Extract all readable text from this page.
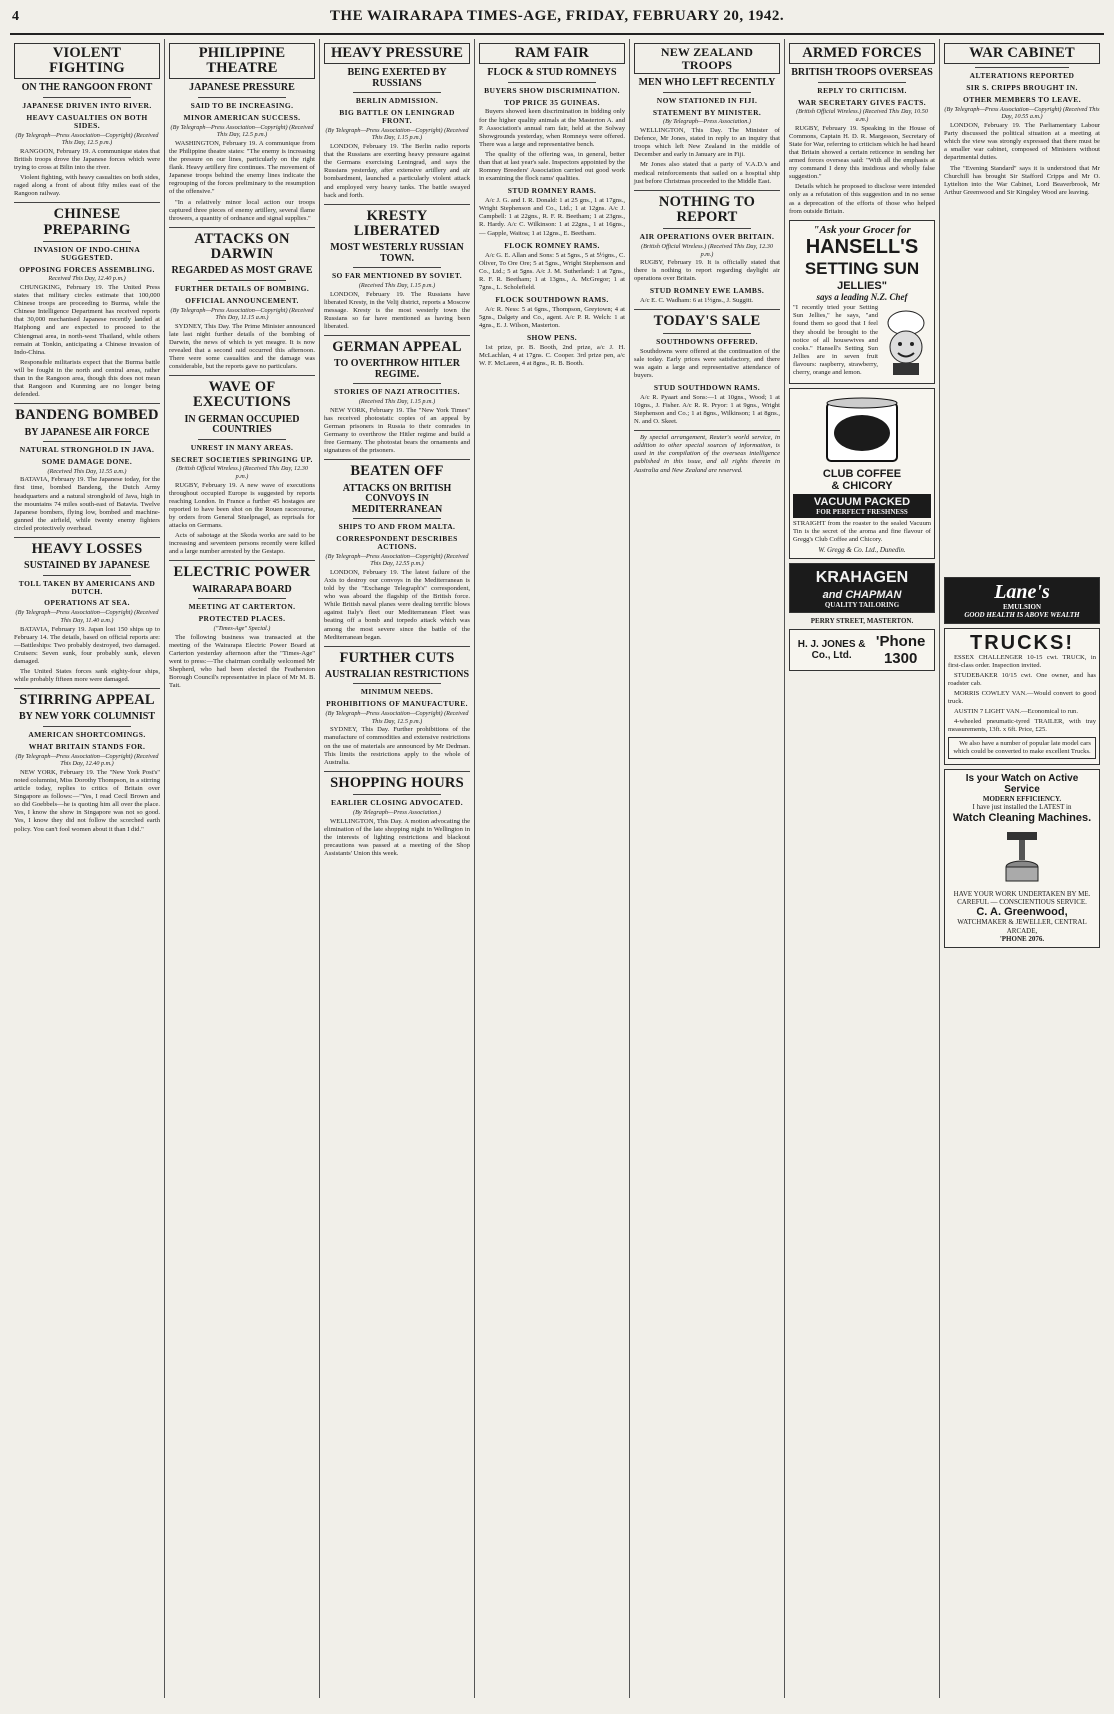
4	THE WAIRARAPA TIMES-AGE, FRIDAY, FEBRUARY 20, 1942.
VIOLENT FIGHTING
ON THE RANGOON FRONT
JAPANESE DRIVEN INTO RIVER.
HEAVY CASUALTIES ON BOTH SIDES.

(By Telegraph—Press Association—Copyright) (Received This Day, 12.5 p.m.)

RANGOON, February 19. A communique states that British troops drove the Japanese forces which were trying to cross at Bilin into the river.

Violent fighting, with heavy casualties on both sides, raged along a front of about fifty miles east of the Rangoon railway.

CHINESE PREPARING
INVASION OF INDO-CHINA SUGGESTED.
OPPOSING FORCES ASSEMBLING.

Received This Day, 12.40 p.m.)

CHUNGKING, February 19. The United Press states that military circles estimate that 100,000 Chinese troops are proceeding to Burma, while the Chinese Intelligence Department has received reports that 30,000 mechanised Japanese recently landed at Haiphong and are expected to proceed to the Chiengmai area, in north-west Thailand, while others remain at Tonkin, anticipating a Chinese invasion of Indo-China.

Responsible militarists expect that the Burma battle will be fought in the north and central areas, rather than in the Rangoon area, though this does not mean that Rangoon and Kunming are no longer being defended.

BANDENG BOMBED
BY JAPANESE AIR FORCE
NATURAL STRONGHOLD IN JAVA.
SOME DAMAGE DONE.

(Received This Day, 11.55 a.m.)

BATAVIA, February 19. The Japanese today, for the first time, bombed Bandeng, the Dutch Army headquarters and a natural stronghold of Java, high in the mountains 74 miles south-east of Batavia. Twelve Japanese bombers, flying low, bombed and machine-gunned the airfield, while twenty enemy fighters circled protectively overhead.

HEAVY LOSSES
SUSTAINED BY JAPANESE
TOLL TAKEN BY AMERICANS AND DUTCH.
OPERATIONS AT SEA.

(By Telegraph—Press Association—Copyright) (Received This Day, 11.40 a.m.)

BATAVIA, February 19. Japan lost 150 ships up to February 14. The details, based on official reports are:—Battleships: Two probably destroyed, two damaged. Cruisers: Seven sunk, four probably sunk, eleven damaged.

The United States forces sank eighty-four ships, while probably fifteen more were damaged.

STIRRING APPEAL
BY NEW YORK COLUMNIST
AMERICAN SHORTCOMINGS.
WHAT BRITAIN STANDS FOR.

(By Telegraph—Press Association—Copyright) (Received This Day, 12.40 p.m.)

NEW YORK, February 19. The "New York Post's" noted columnist, Miss Dorothy Thompson, in a stirring article today, replies to critics of Britain over Singapore as follows:—"Yes, I read Cecil Brown and so did Goebbels—he is quoting him all over the place. Yes, I know the show in Singapore was not so good. Yes, I know they did not follow the scorched earth policy. You can't fool women about it than I did."

PHILIPPINE THEATRE
JAPANESE PRESSURE
SAID TO BE INCREASING.
MINOR AMERICAN SUCCESS.

(By Telegraph—Press Association—Copyright) (Received This Day, 12.5 p.m.)

WASHINGTON, February 19. A communique from the Philippine theatre states: "The enemy is increasing the pressure on our lines, particularly on the right flank. Heavy artillery fire continues. The movement of Japanese troops behind the enemy lines indicate the regrouping of the forces preliminary to the resumption of the offensive."

"In a relatively minor local action our troops captured three pieces of enemy artillery, several flame throwers, a quantity of ordnance and signal supplies."

ATTACKS ON DARWIN
REGARDED AS MOST GRAVE
FURTHER DETAILS OF BOMBING.
OFFICIAL ANNOUNCEMENT.

(By Telegraph—Press Association—Copyright) (Received This Day, 11.15 a.m.)

SYDNEY, This Day. The Prime Minister announced late last night further details of the bombing of Darwin, the news of which is yet meagre. It is now revealed that a second raid occurred this afternoon. There were some casualties and the damage was considerable, but the reports gave no particulars.

WAVE OF EXECUTIONS
IN GERMAN OCCUPIED COUNTRIES
UNREST IN MANY AREAS.
SECRET SOCIETIES SPRINGING UP.

(British Official Wireless.) (Received This Day, 12.30 p.m.)

RUGBY, February 19. A new wave of executions throughout occupied Europe is suggested by reports reaching London. In France a further 45 hostages are reported to have been shot on the Rouen racecourse, by orders from General Stuelpnagel, as reprisals for attacks on Germans.

Acts of sabotage at the Skoda works are said to be increasing and seventeen persons recently were killed and a large number arrested by the Gestapo.

ELECTRIC POWER
WAIRARAPA BOARD
MEETING AT CARTERTON.
PROTECTED PLACES.

("Times-Age" Special.)

The following business was transacted at the meeting of the Wairarapa Electric Power Board at Carterton yesterday afternoon after the "Times-Age" went to press:—The chairman cordially welcomed Mr Shepherd, who had been elected the Featherston Borough Council's representative in place of Mr M. B. Tait.

HEAVY PRESSURE
BEING EXERTED BY RUSSIANS
BERLIN ADMISSION.
BIG BATTLE ON LENINGRAD FRONT.

(By Telegraph—Press Association—Copyright) (Received This Day, 1.15 p.m.)

LONDON, February 19. The Berlin radio reports that the Russians are exerting heavy pressure against the Germans exercising Leningrad, and says the Russians yesterday, after extensive artillery and air bombardment, launched a particularly violent attack and employed very heavy tanks. The battle swayed back and forth.

KRESTY LIBERATED
MOST WESTERLY RUSSIAN TOWN.
SO FAR MENTIONED BY SOVIET.

(Received This Day, 1.15 p.m.)

LONDON, February 19. The Russians have liberated Kresty, in the Velij district, reports a Moscow message. Kresty is the most westerly town the Russians so far have mentioned as having been liberated.

GERMAN APPEAL
TO OVERTHROW HITLER REGIME.
STORIES OF NAZI ATROCITIES.

(Received This Day, 1.15 p.m.)

NEW YORK, February 19. The "New York Times" has received photostatic copies of an appeal by German prisoners in Russia to their comrades in Germany to overthrow the Hitler regime and build a free Germany. The photostat bears the ornaments and signatures of the prisoners.

BEATEN OFF
ATTACKS ON BRITISH CONVOYS IN MEDITERRANEAN
SHIPS TO AND FROM MALTA.
CORRESPONDENT DESCRIBES ACTIONS.

(By Telegraph—Press Association—Copyright) (Received This Day, 12.55 p.m.)

LONDON, February 19. The latest failure of the Axis to destroy our convoys in the Mediterranean is told by the "Exchange Telegraph's" correspondent, who was aboard the flagship of the British force. While British naval planes were dealing terrific blows against Italy's fleet our Mediterranean Fleet was beating off a bomb and torpedo attack which was among the most severe since the battle of the Mediterranean began.

FURTHER CUTS
AUSTRALIAN RESTRICTIONS
MINIMUM NEEDS.
PROHIBITIONS OF MANUFACTURE.

(By Telegraph—Press Association—Copyright) (Received This Day, 12.5 p.m.)

SYDNEY, This Day. Further prohibitions of the manufacture of commodities and extensive restrictions on the use of materials are announced by Mr Dedman. This limits the restrictions apply to the whole of Australia.

SHOPPING HOURS
EARLIER CLOSING ADVOCATED.

(By Telegraph—Press Association.)

WELLINGTON, This Day. A motion advocating the elimination of the late shopping night in Wellington in the interests of lighting restrictions and blackout precautions was passed at a meeting of the Shop Assistants' Union this week.

RAM FAIR
FLOCK & STUD ROMNEYS
BUYERS SHOW DISCRIMINATION.
TOP PRICE 35 GUINEAS.

Buyers showed keen discrimination in bidding only for the higher quality animals at the Masterton A. and P. Association's annual ram fair, held at the Solway Showgrounds yesterday, when Romneys were offered. There was a large and representative bench.

The quality of the offering was, in general, better than that at last year's sale. Inspectors appointed by the Romney Breeders' Association carried out good work in examining the flock rams' qualities.

STUD ROMNEY RAMS.

A/c J. G. and I. R. Donald: 1 at 25 gns., 1 at 17gns., Wright Stephenson and Co., Ltd.; 1 at 12gns. A/c J. Campbell: 1 at 22gns., R. F. R. Beetham; 1 at 23gns., R. Hardy. A/c C. Wilkinson: 1 at 22gns., 1 at 16gns., — Gapple, Waitoa; 1 at 12gns., E. Beetham.

FLOCK ROMNEY RAMS.

A/c G. E. Allan and Sons: 5 at 5gns., 5 at 5½gns., C. Oliver, To Ore Ore; 5 at 5gns., Wright Stephenson and Co., Ltd.; 5 at 5gns. A/c J. M. Sutherland: 1 at 7gns., R. F. R. Beetham; 1 at 13gns., A. McGregor; 1 at 7gns., L. Scholefield.

FLOCK SOUTHDOWN RAMS.

A/c R. Ness: 5 at 6gns., Thompson, Greytown; 4 at 5gns., Dalgety and Co., agent. A/c P. R. Welch: 1 at 4gns., E. J. Wilson, Masterton.

SHOW PENS.

1st prize, pr. B. Booth, 2nd prize, a/c J. H. McLachlan, 4 at 17gns. C. Cooper. 3rd prize pen, a/c W. F. McLaren, 4 at 8gns., R. B. Booth.

NEW ZEALAND TROOPS
MEN WHO LEFT RECENTLY
NOW STATIONED IN FIJI.
STATEMENT BY MINISTER.

(By Telegraph—Press Association.)

WELLINGTON, This Day. The Minister of Defence, Mr Jones, stated in reply to an inquiry that troops which left New Zealand in the middle of December and early in January are in Fiji.

Mr Jones also stated that a party of V.A.D.'s and medical reinforcements that sailed on a hospital ship just before Christmas proceeded to the Middle East.

NOTHING TO REPORT
AIR OPERATIONS OVER BRITAIN.

(British Official Wireless.) (Received This Day, 12.30 p.m.)

RUGBY, February 19. It is officially stated that there is nothing to report regarding daylight air operations over Britain.

STUD ROMNEY EWE LAMBS.

A/c E. C. Wadham: 6 at 1½gns., J. Suggitt.

TODAY'S SALE
SOUTHDOWNS OFFERED.

Southdowns were offered at the continuation of the sale today. Early prices were satisfactory, and there was again a large and representative attendance of buyers.

STUD SOUTHDOWN RAMS.

A/c R. Pyaart and Sons:—1 at 10gns., Wood; 1 at 10gns., J. Fisher. A/c R. R. Pryor: 1 at 9gns., Wright Stephenson and Co.; 1 at 8gns., Wilkinson; 1 at 8gns., N. and O. Skeet.

By special arrangement, Reuter's world service, in addition to other special sources of information, is used in the compilation of the overseas intelligence published in this issue, and all rights therein in Australia and New Zealand are reserved.

ARMED FORCES
BRITISH TROOPS OVERSEAS
REPLY TO CRITICISM.
WAR SECRETARY GIVES FACTS.

(British Official Wireless.) (Received This Day, 10.50 a.m.)

RUGBY, February 19. Speaking in the House of Commons, Captain H. D. R. Margesson, Secretary of State for War, referring to criticism which he had heard that Britain showed a certain reticence in sending her armed forces overseas said: "With all the emphasis at my command I deny this insidious and wholly false suggestion."

Details which he proposed to disclose were intended only as a refutation of this suggestion and in no sense as a deprecation of the efforts of those who helped from outside Britain.

"Ask your Grocer for
HANSELL'S
SETTING SUN
JELLIES"
says a leading N.Z. Chef

"I recently tried your Setting Sun Jellies," he says, "and found them so good that I feel they should be brought to the notice of all housewives and cooks." Hansell's Setting Sun Jellies are in seven fruit flavours: raspberry, strawberry, cherry, orange and lemon.

CLUB COFFEE
& CHICORY
VACUUM PACKED
FOR PERFECT FRESHNESS

STRAIGHT from the roaster to the sealed Vacuum Tin is the secret of the aroma and fine flavour of Gregg's Club Coffee and Chicory.

W. Gregg & Co. Ltd., Dunedin.
KRAHAGEN
and CHAPMAN
QUALITY TAILORING
PERRY STREET, MASTERTON.
H. J. JONES & Co., Ltd.
'Phone 1300
WAR CABINET
ALTERATIONS REPORTED
SIR S. CRIPPS BROUGHT IN.
OTHER MEMBERS TO LEAVE.

(By Telegraph—Press Association—Copyright) (Received This Day, 10.55 a.m.)

LONDON, February 19. The Parliamentary Labour Party discussed the political situation at a meeting at which the view was strongly expressed that there must be a smaller war cabinet, composed of Ministers without departmental duties.

The "Evening Standard" says it is understood that Mr Churchill has brought Sir Stafford Cripps and Mr O. Lyttelton into the War Cabinet, Lord Beaverbrook, Mr Arthur Greenwood and Sir Kingsley Wood are leaving.

Lane's
EMULSION
GOOD HEALTH IS ABOVE WEALTH
TRUCKS!

ESSEX CHALLENGER 10-15 cwt. TRUCK, in first-class order. Inspection invited.

STUDEBAKER 10/15 cwt. One owner, and has roadster cab.

MORRIS COWLEY VAN.—Would convert to good truck.

AUSTIN 7 LIGHT VAN.—Economical to run.

4-wheeled pneumatic-tyred TRAILER, with tray measurements, 13ft. x 6ft. Price, £25.

We also have a number of popular late model cars which could be converted to make excellent Trucks.

Is your Watch on Active Service
MODERN EFFICIENCY.
I have just installed the LATEST in
Watch Cleaning Machines.
HAVE YOUR WORK UNDERTAKEN BY ME. CAREFUL — CONSCIENTIOUS SERVICE.
C. A. Greenwood,
WATCHMAKER & JEWELLER, CENTRAL ARCADE,
'PHONE 2076.
